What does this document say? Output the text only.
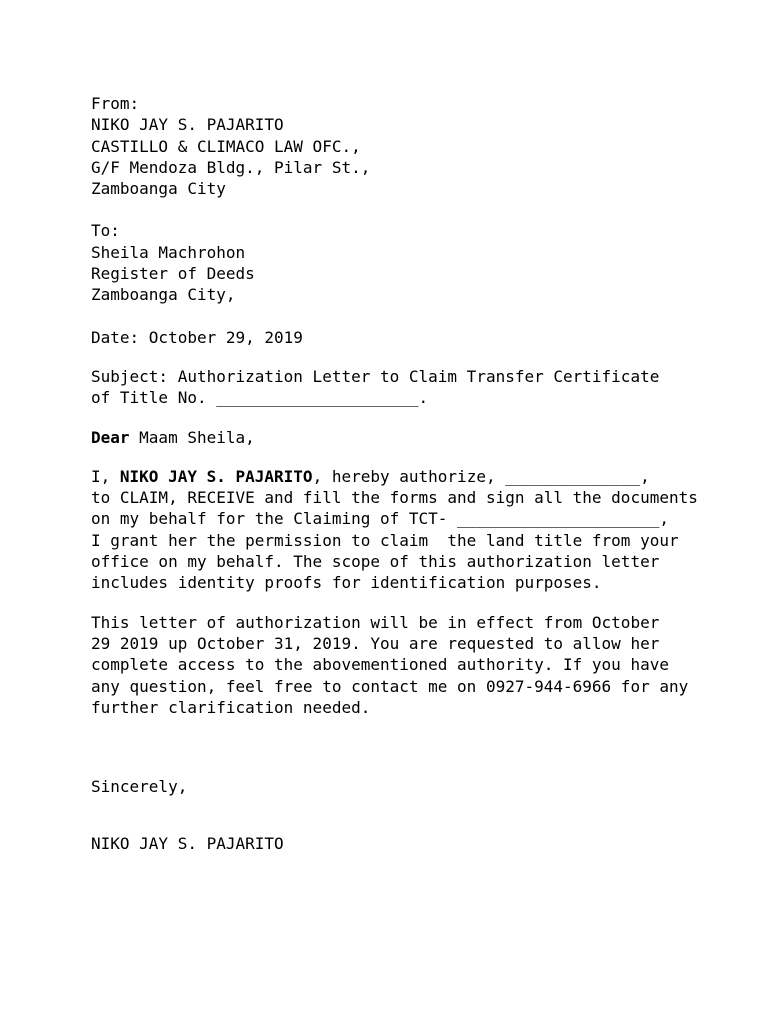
From:
NIKO JAY S. PAJARITO
CASTILLO & CLIMACO LAW OFC.,
G/F Mendoza Bldg., Pilar St.,
Zamboanga City
To:
Sheila Machrohon
Register of Deeds
Zamboanga City,
Date: October 29, 2019
Subject: Authorization Letter to Claim Transfer Certificate
of Title No. _____________________.
Dear Maam Sheila,
I, NIKO JAY S. PAJARITO, hereby authorize, ______________,
to CLAIM, RECEIVE and fill the forms and sign all the documents
on my behalf for the Claiming of TCT- _____________________,
I grant her the permission to claim  the land title from your
office on my behalf. The scope of this authorization letter
includes identity proofs for identification purposes.
This letter of authorization will be in effect from October
29 2019 up October 31, 2019. You are requested to allow her
complete access to the abovementioned authority. If you have
any question, feel free to contact me on 0927-944-6966 for any
further clarification needed.
Sincerely,
NIKO JAY S. PAJARITO
